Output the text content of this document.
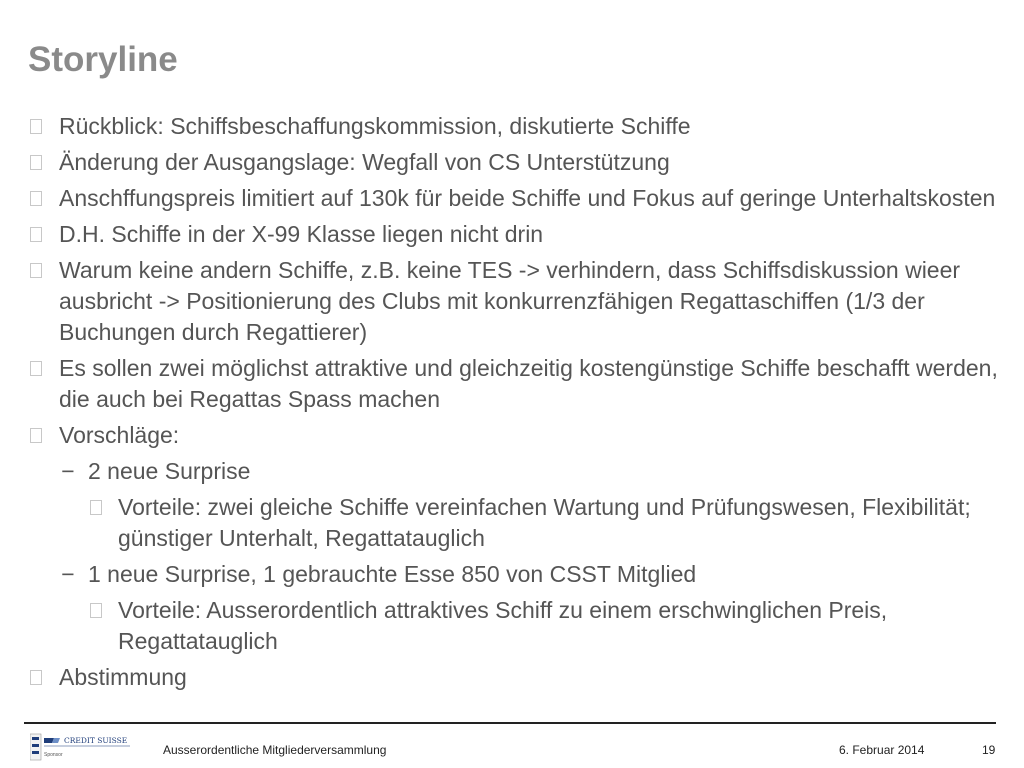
Storyline
Rückblick: Schiffsbeschaffungskommission, diskutierte Schiffe
Änderung der Ausgangslage: Wegfall von CS Unterstützung
Anschffungspreis limitiert auf 130k für beide Schiffe und Fokus auf geringe Unterhaltskosten
D.H. Schiffe in der X-99 Klasse liegen nicht drin
Warum keine andern Schiffe, z.B. keine TES -> verhindern, dass Schiffsdiskussion wieer ausbricht -> Positionierung des Clubs mit konkurrenzfähigen Regattaschiffen (1/3 der Buchungen durch Regattierer)
Es sollen zwei möglichst attraktive und gleichzeitig kostengünstige Schiffe beschafft werden, die auch bei Regattas Spass machen
Vorschläge:
− 2 neue Surprise
Vorteile: zwei gleiche Schiffe vereinfachen Wartung und Prüfungswesen, Flexibilität; günstiger Unterhalt, Regattatauglich
− 1 neue Surprise, 1 gebrauchte Esse 850 von CSST Mitglied
Vorteile: Ausserordentlich attraktives Schiff zu einem erschwinglichen Preis, Regattatauglich
Abstimmung
CREDIT SUISSE
Sponsor	Ausserordentliche Mitgliederversammlung	6. Februar 2014	19
